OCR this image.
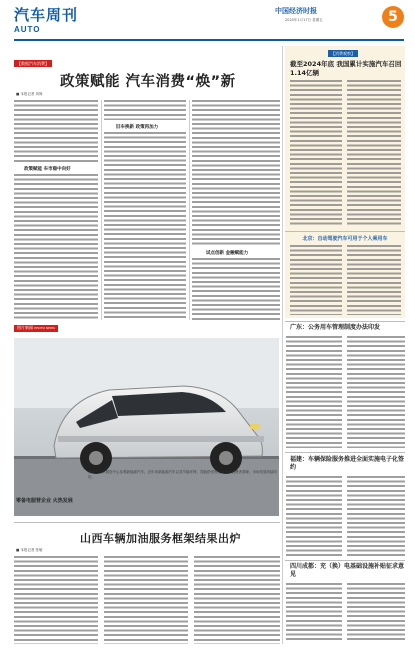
汽车周刊
AUTO
中国经济时报
2025年1月17日 星期五	5
【数据汽车消费】
政策赋能 汽车消费“焕”新
■ 本报记者 刘姝
政策赋能 车市稳中向好
旧车换新 政策再加力
试点创新 金融赋能力
【消费观察】
截至2024年底 我国累计实施汽车召回1.14亿辆
北京：自动驾驶汽车可用于个人乘用车
广东：公务用车管理制度办法印发
福建：车辆保险服务推进全面实施电子化签约
四川成都：充（换）电基础设施补贴征求意见
图片新闻 PHOTO NEWS
零备电服营企业 火热发展
市民在汽车展览中心参观新能源汽车。近年来新能源汽车以其节能环保、智能舒适等优势受到消费者青睐，市场发展持续向好。
山西车辆加油服务框架结果出炉
■ 本报记者 张敏
